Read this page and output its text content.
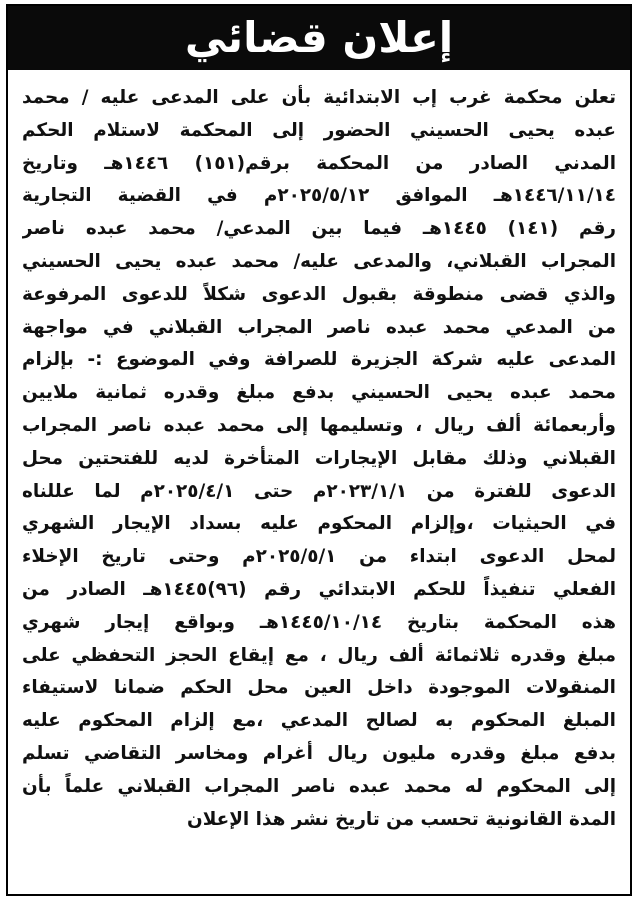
إعلان قضائي
تعلن محكمة غرب إب الابتدائية بأن على المدعى عليه / محمد
عبده يحيى الحسيني الحضور إلى المحكمة لاستلام الحكم
المدني الصادر من المحكمة برقم(١٥١) ١٤٤٦هـ وتاريخ
١٤٤٦/١١/١٤هـ الموافق ٢٠٢٥/٥/١٢م في القضية التجارية
رقم (١٤١) ١٤٤٥هـ فيما بين المدعي/ محمد عبده ناصر
المجراب القبلاني، والمدعى عليه/ محمد عبده يحيى الحسيني
والذي قضى منطوقة بقبول الدعوى شكلاً للدعوى المرفوعة
من المدعي محمد عبده ناصر المجراب القبلاني في مواجهة
المدعى عليه شركة الجزيرة للصرافة وفي الموضوع :- بإلزام
محمد عبده يحيى الحسيني بدفع مبلغ وقدره ثمانية ملايين
وأربعمائة ألف ريال ، وتسليمها إلى محمد عبده ناصر المجراب
القبلاني وذلك مقابل الإيجارات المتأخرة لديه للفتحتين محل
الدعوى للفترة من ٢٠٢٣/١/١م حتى ٢٠٢٥/٤/١م لما عللناه
في الحيثيات ،وإلزام المحكوم عليه بسداد الإيجار الشهري
لمحل الدعوى ابتداء من ٢٠٢٥/٥/١م وحتى تاريخ الإخلاء
الفعلي تنفيذاً للحكم الابتدائي رقم (٩٦)١٤٤٥هـ الصادر من
هذه المحكمة بتاريخ ١٤٤٥/١٠/١٤هـ وبواقع إيجار شهري
مبلغ وقدره ثلاثمائة ألف ريال ، مع إيقاع الحجز التحفظي على
المنقولات الموجودة داخل العين محل الحكم ضمانا لاستيفاء
المبلغ المحكوم به لصالح المدعي ،مع إلزام المحكوم عليه
بدفع مبلغ وقدره مليون ريال أغرام ومخاسر التقاضي تسلم
إلى المحكوم له محمد عبده ناصر المجراب القبلاني علماً بأن
المدة القانونية تحسب من تاريخ نشر هذا الإعلان
